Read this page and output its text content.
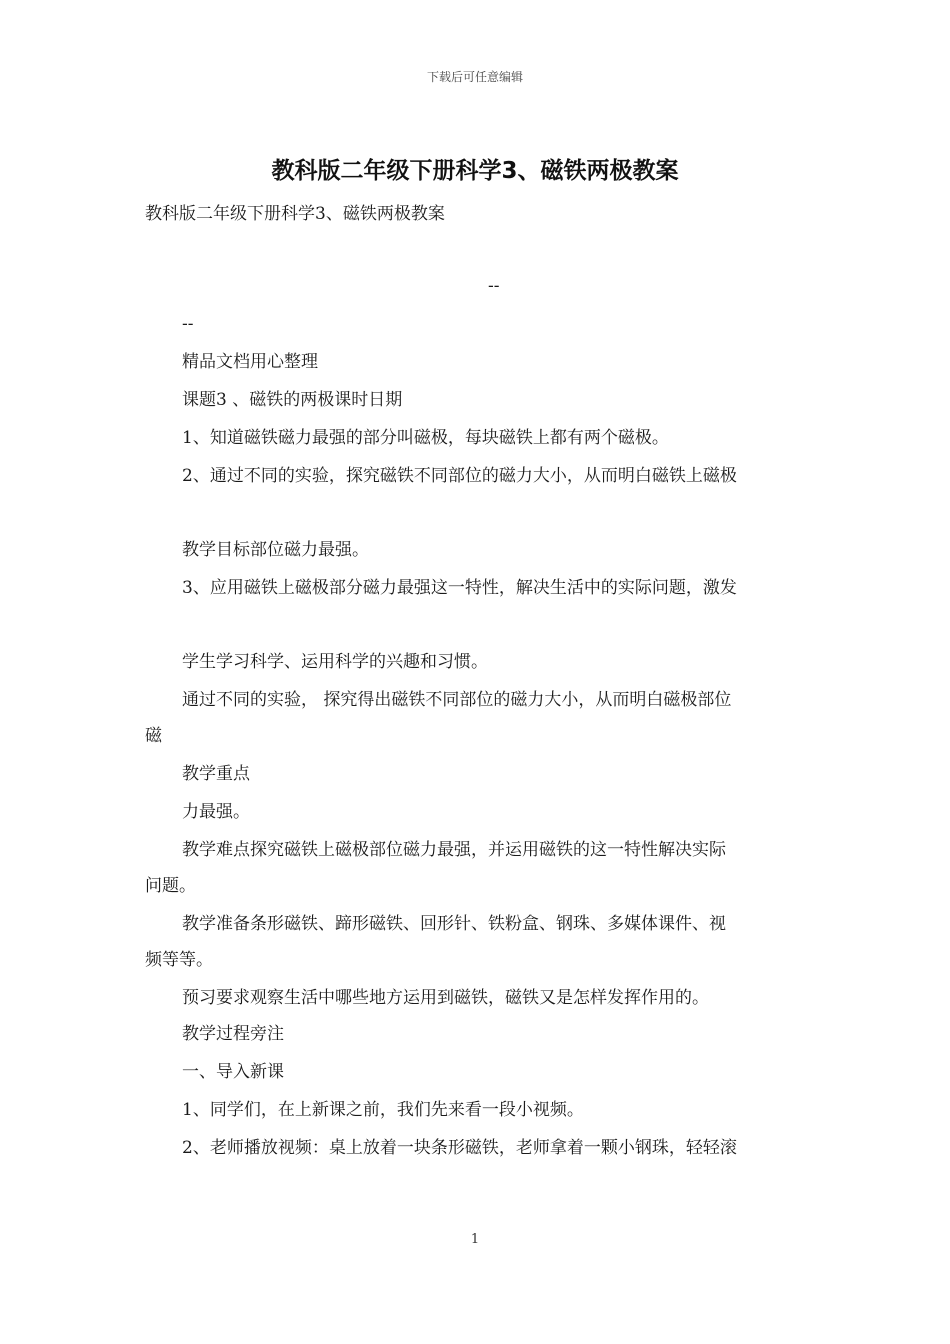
下载后可任意编辑
教科版二年级下册科学3、磁铁两极教案
教科版二年级下册科学3、磁铁两极教案
--
--
精品文档用心整理
课题3 、磁铁的两极课时日期
1、知道磁铁磁力最强的部分叫磁极，每块磁铁上都有两个磁极。
2、通过不同的实验，探究磁铁不同部位的磁力大小，从而明白磁铁上磁极
教学目标部位磁力最强。
3、应用磁铁上磁极部分磁力最强这一特性，解决生活中的实际问题，激发
学生学习科学、运用科学的兴趣和习惯。
通过不同的实验， 探究得出磁铁不同部位的磁力大小，从而明白磁极部位
磁
教学重点
力最强。
教学难点探究磁铁上磁极部位磁力最强，并运用磁铁的这一特性解决实际
问题。
教学准备条形磁铁、蹄形磁铁、回形针、铁粉盒、钢珠、多媒体课件、视
频等等。
预习要求观察生活中哪些地方运用到磁铁，磁铁又是怎样发挥作用的。
教学过程旁注
一、导入新课
1、同学们，在上新课之前，我们先来看一段小视频。
2、老师播放视频：桌上放着一块条形磁铁，老师拿着一颗小钢珠，轻轻滚
1
